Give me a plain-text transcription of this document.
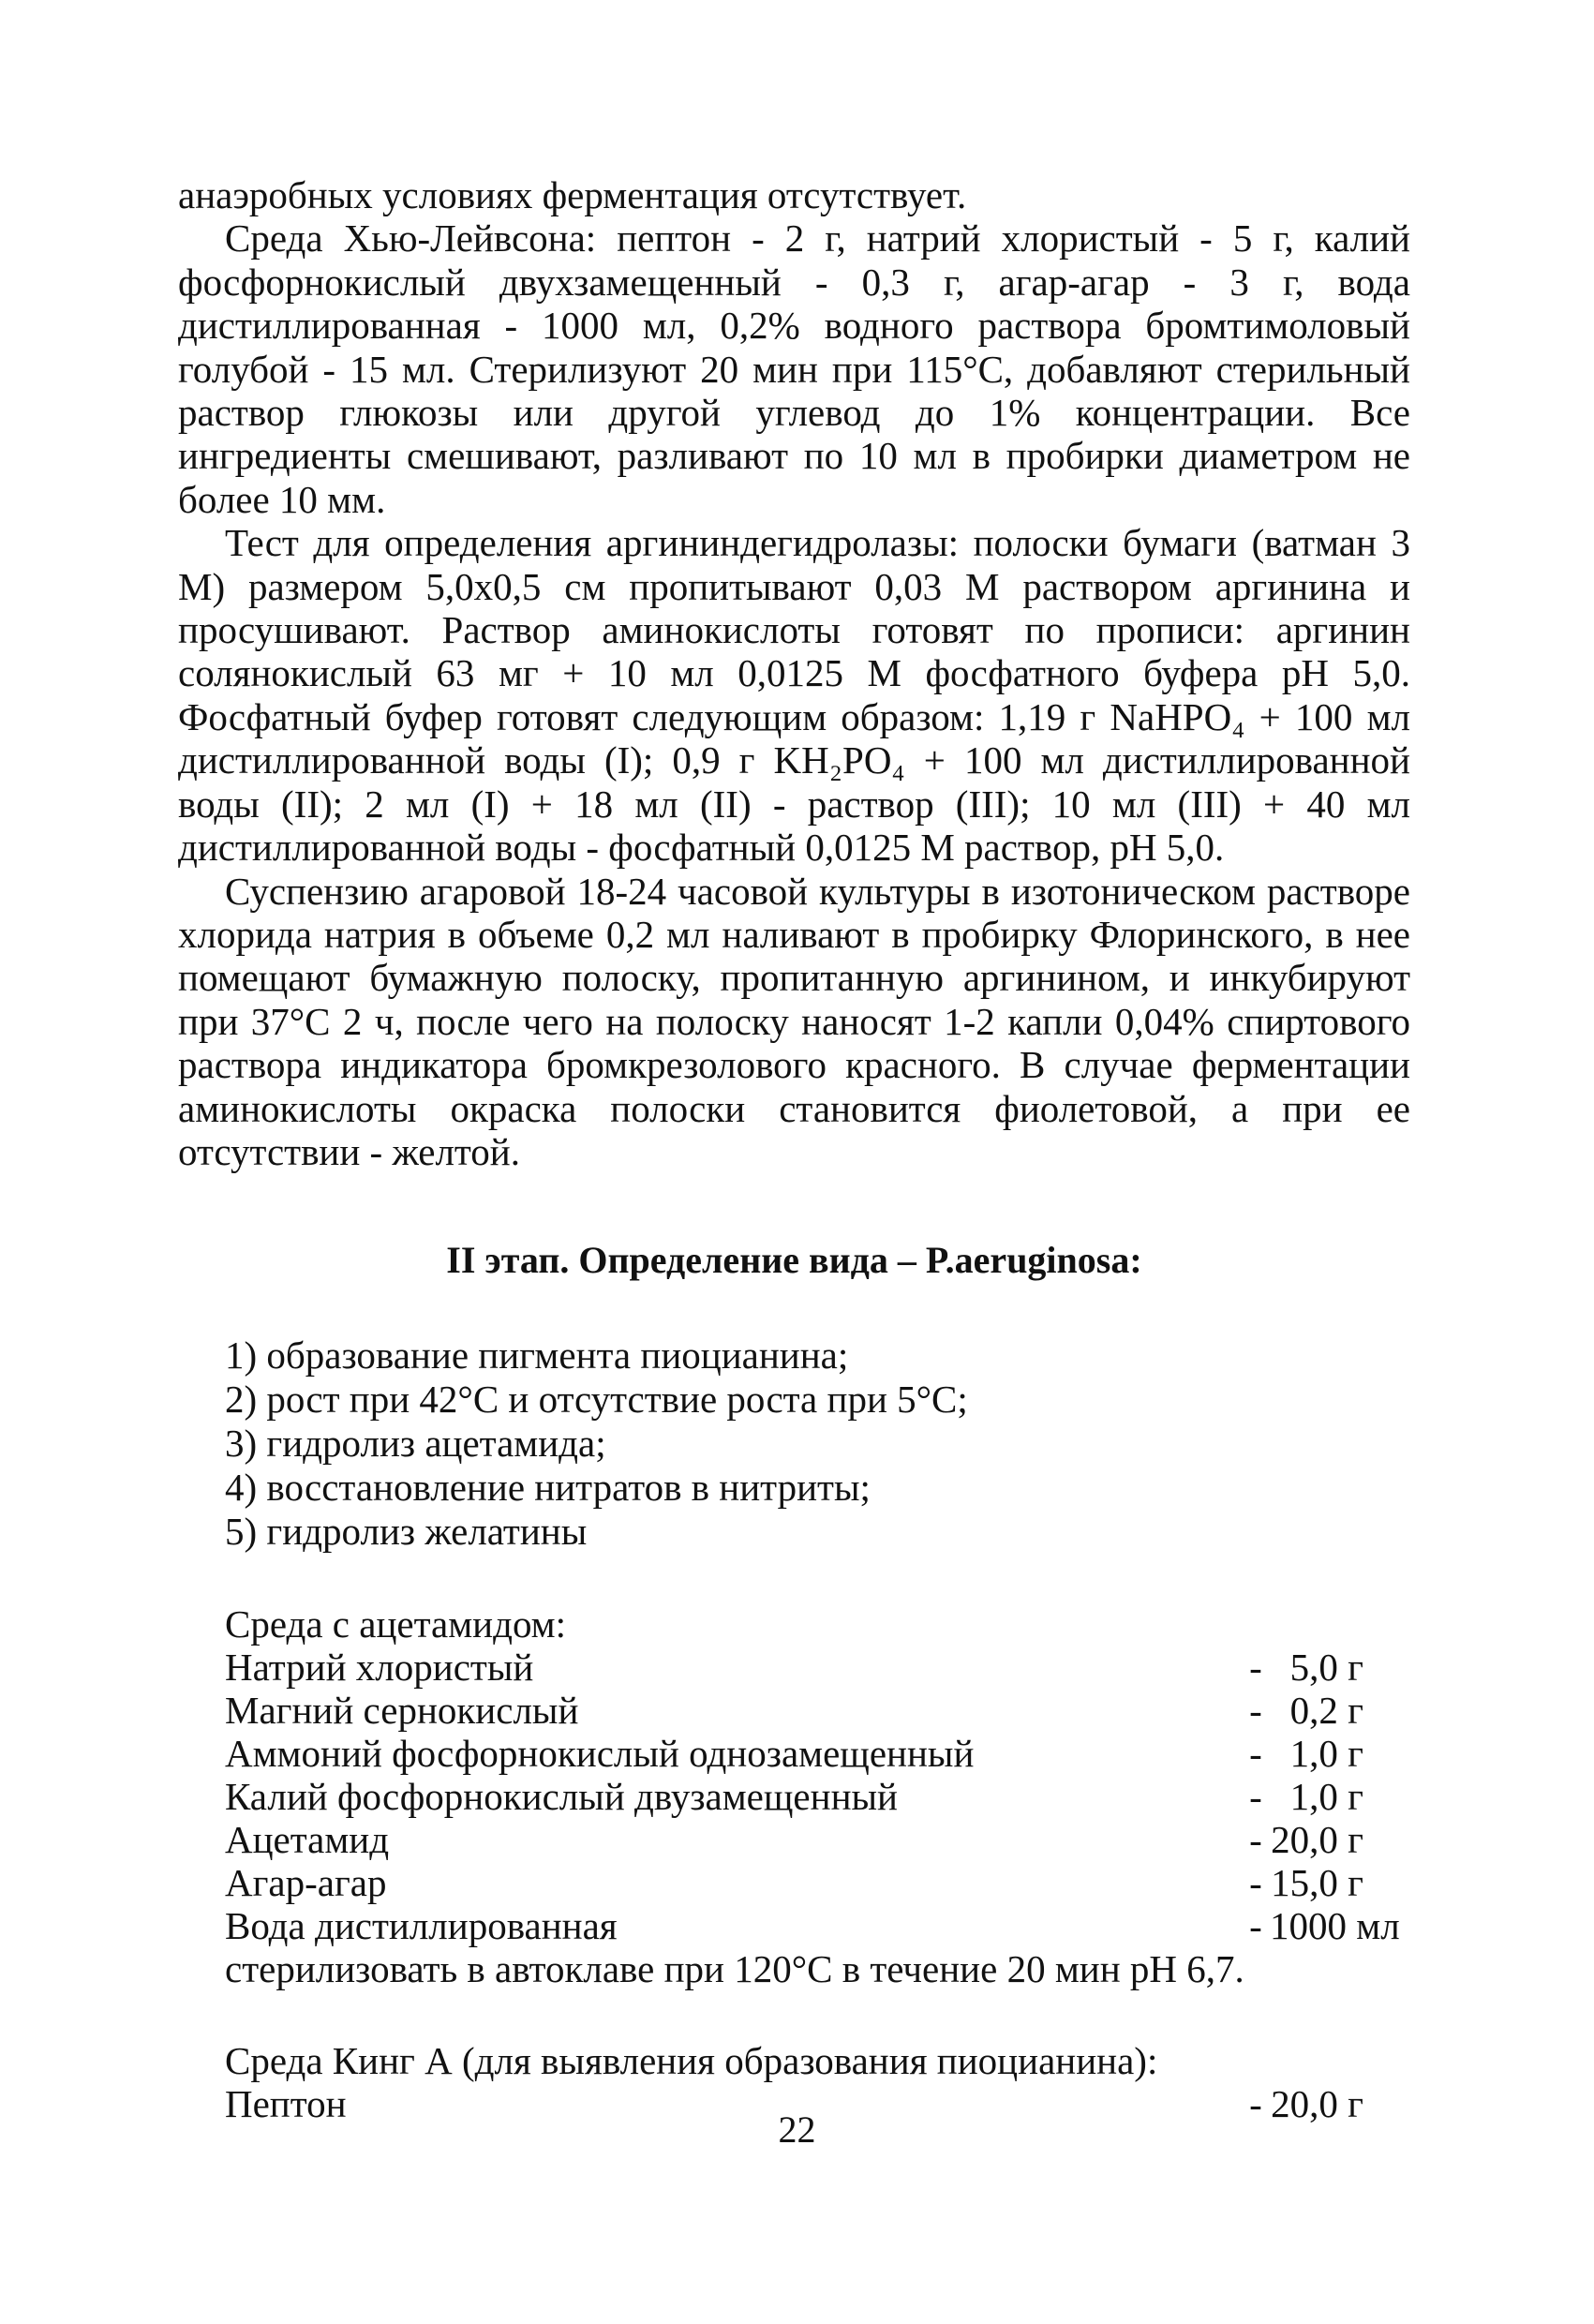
анаэробных условиях ферментация отсутствует.

Среда Хью-Лейвсона: пептон - 2 г, натрий хлористый - 5 г, калий фосфорнокислый двухзамещенный - 0,3 г, агар-агар - 3 г, вода дистиллированная - 1000 мл, 0,2% водного раствора бромтимоловый голубой - 15 мл. Стерилизуют 20 мин при 115°С, добавляют стерильный раствор глюкозы или другой углевод до 1% концентрации. Все ингредиенты смешивают, разливают по 10 мл в пробирки диаметром не более 10 мм.

Тест для определения аргининдегидролазы: полоски бумаги (ватман 3 М) размером 5,0х0,5 см пропитывают 0,03 М раствором аргинина и просушивают. Раствор аминокислоты готовят по прописи: аргинин солянокислый 63 мг + 10 мл 0,0125 М фосфатного буфера рН 5,0. Фосфатный буфер готовят следующим образом: 1,19 г NaHPO₄ + 100 мл дистиллированной воды (I); 0,9 г KH₂PO₄ + 100 мл дистиллированной воды (II); 2 мл (I) + 18 мл (II) - раствор (III); 10 мл (III) + 40 мл дистиллированной воды - фосфатный 0,0125 М раствор, рН 5,0.

Суспензию агаровой 18-24 часовой культуры в изотоническом растворе хлорида натрия в объеме 0,2 мл наливают в пробирку Флоринского, в нее помещают бумажную полоску, пропитанную аргинином, и инкубируют при 37°С 2 ч, после чего на полоску наносят 1-2 капли 0,04% спиртового раствора индикатора бромкрезолового красного. В случае ферментации аминокислоты окраска полоски становится фиолетовой, а при ее отсутствии - желтой.

II этап. Определение вида – P.aeruginosa:
1) образование пигмента пиоцианина;
2) рост при 42°С и отсутствие роста при 5°С;
3) гидролиз ацетамида;
4) восстановление нитратов в нитриты;
5) гидролиз желатины
Среда с ацетамидом:
Натрий хлористый	- 5,0 г
Магний сернокислый	- 0,2 г
Аммоний фосфорнокислый однозамещенный	- 1,0 г
Калий фосфорнокислый двузамещенный	- 1,0 г
Ацетамид	- 20,0 г
Агар-агар	- 15,0 г
Вода дистиллированная	- 1000 мл
стерилизовать в автоклаве при 120°С в течение 20 мин рН 6,7.
Среда Кинг А (для выявления образования пиоцианина):
Пептон	- 20,0 г
22
